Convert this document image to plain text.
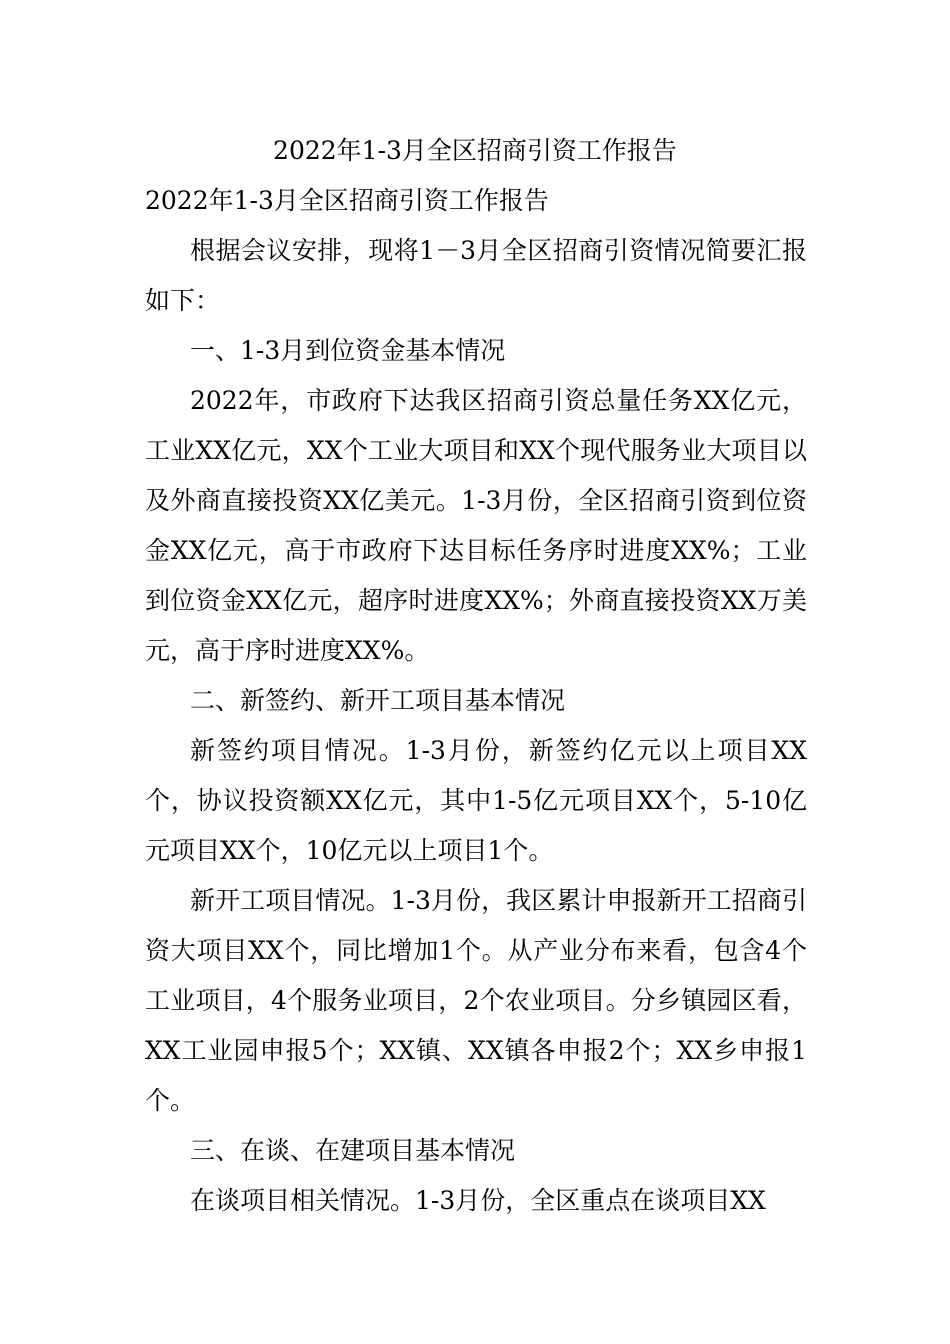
2022年1-3月全区招商引资工作报告

2022年1-3月全区招商引资工作报告

根据会议安排，现将1－3月全区招商引资情况简要汇报如下：

一、1-3月到位资金基本情况

2022年，市政府下达我区招商引资总量任务XX亿元，工业XX亿元，XX个工业大项目和XX个现代服务业大项目以及外商直接投资XX亿美元。1-3月份，全区招商引资到位资金XX亿元，高于市政府下达目标任务序时进度XX%；工业到位资金XX亿元，超序时进度XX%；外商直接投资XX万美元，高于序时进度XX%。

二、新签约、新开工项目基本情况

新签约项目情况。1-3月份，新签约亿元以上项目XX个，协议投资额XX亿元，其中1-5亿元项目XX个，5-10亿元项目XX个，10亿元以上项目1个。

新开工项目情况。1-3月份，我区累计申报新开工招商引资大项目XX个，同比增加1个。从产业分布来看，包含4个工业项目，4个服务业项目，2个农业项目。分乡镇园区看，XX工业园申报5个；XX镇、XX镇各申报2个；XX乡申报1个。

三、在谈、在建项目基本情况

在谈项目相关情况。1-3月份，全区重点在谈项目XX
